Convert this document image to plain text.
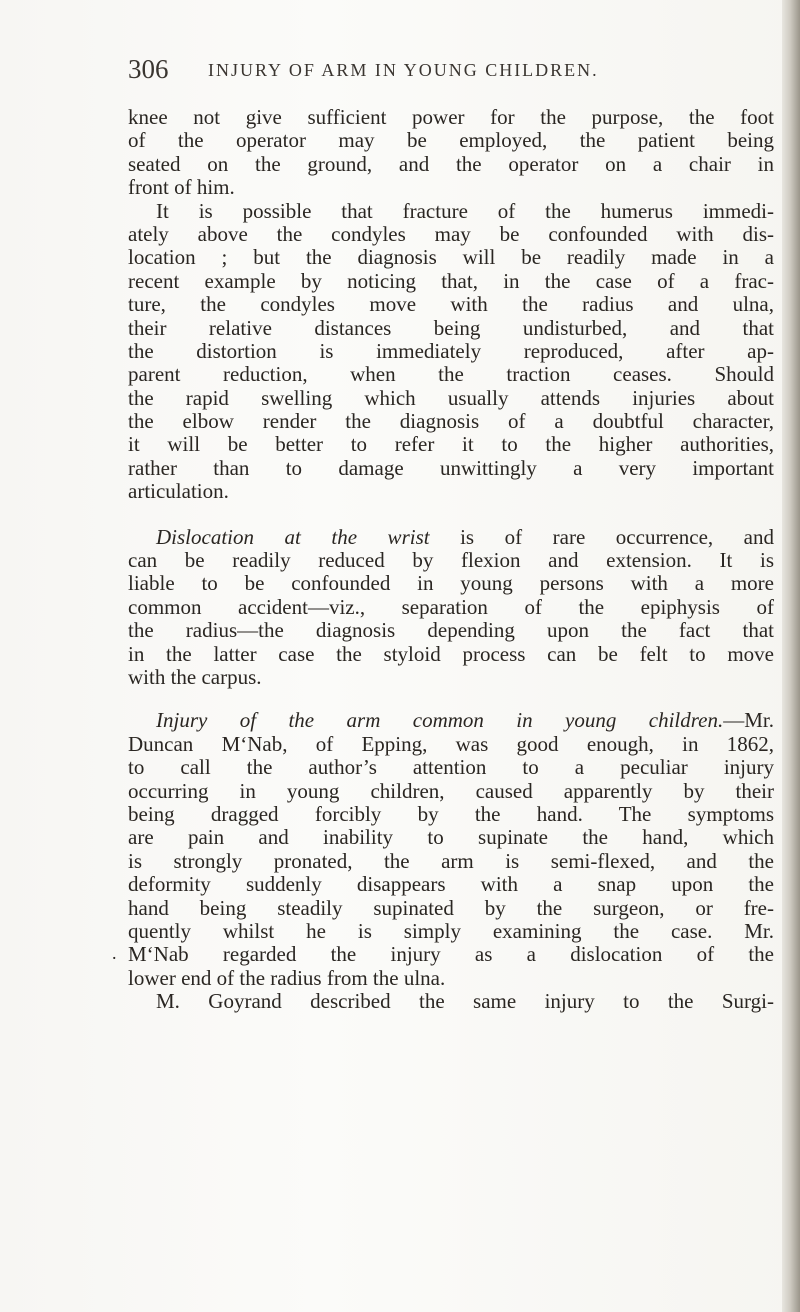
306 INJURY OF ARM IN YOUNG CHILDREN.
.
knee not give sufficient power for the purpose, the foot
of the operator may be employed, the patient being
seated on the ground, and the operator on a chair in
front of him.
It is possible that fracture of the humerus immedi-
ately above the condyles may be confounded with dis-
location ; but the diagnosis will be readily made in a
recent example by noticing that, in the case of a frac-
ture, the condyles move with the radius and ulna,
their relative distances being undisturbed, and that
the distortion is immediately reproduced, after ap-
parent reduction, when the traction ceases. Should
the rapid swelling which usually attends injuries about
the elbow render the diagnosis of a doubtful character,
it will be better to refer it to the higher authorities,
rather than to damage unwittingly a very important
articulation.
Dislocation at the wrist is of rare occurrence, and
can be readily reduced by flexion and extension. It is
liable to be confounded in young persons with a more
common accident—viz., separation of the epiphysis of
the radius—the diagnosis depending upon the fact that
in the latter case the styloid process can be felt to move
with the carpus.
Injury of the arm common in young children.—Mr.
Duncan M‘Nab, of Epping, was good enough, in 1862,
to call the author’s attention to a peculiar injury
occurring in young children, caused apparently by their
being dragged forcibly by the hand. The symptoms
are pain and inability to supinate the hand, which
is strongly pronated, the arm is semi-flexed, and the
deformity suddenly disappears with a snap upon the
hand being steadily supinated by the surgeon, or fre-
quently whilst he is simply examining the case. Mr.
M‘Nab regarded the injury as a dislocation of the
lower end of the radius from the ulna.
M. Goyrand described the same injury to the Surgi-
